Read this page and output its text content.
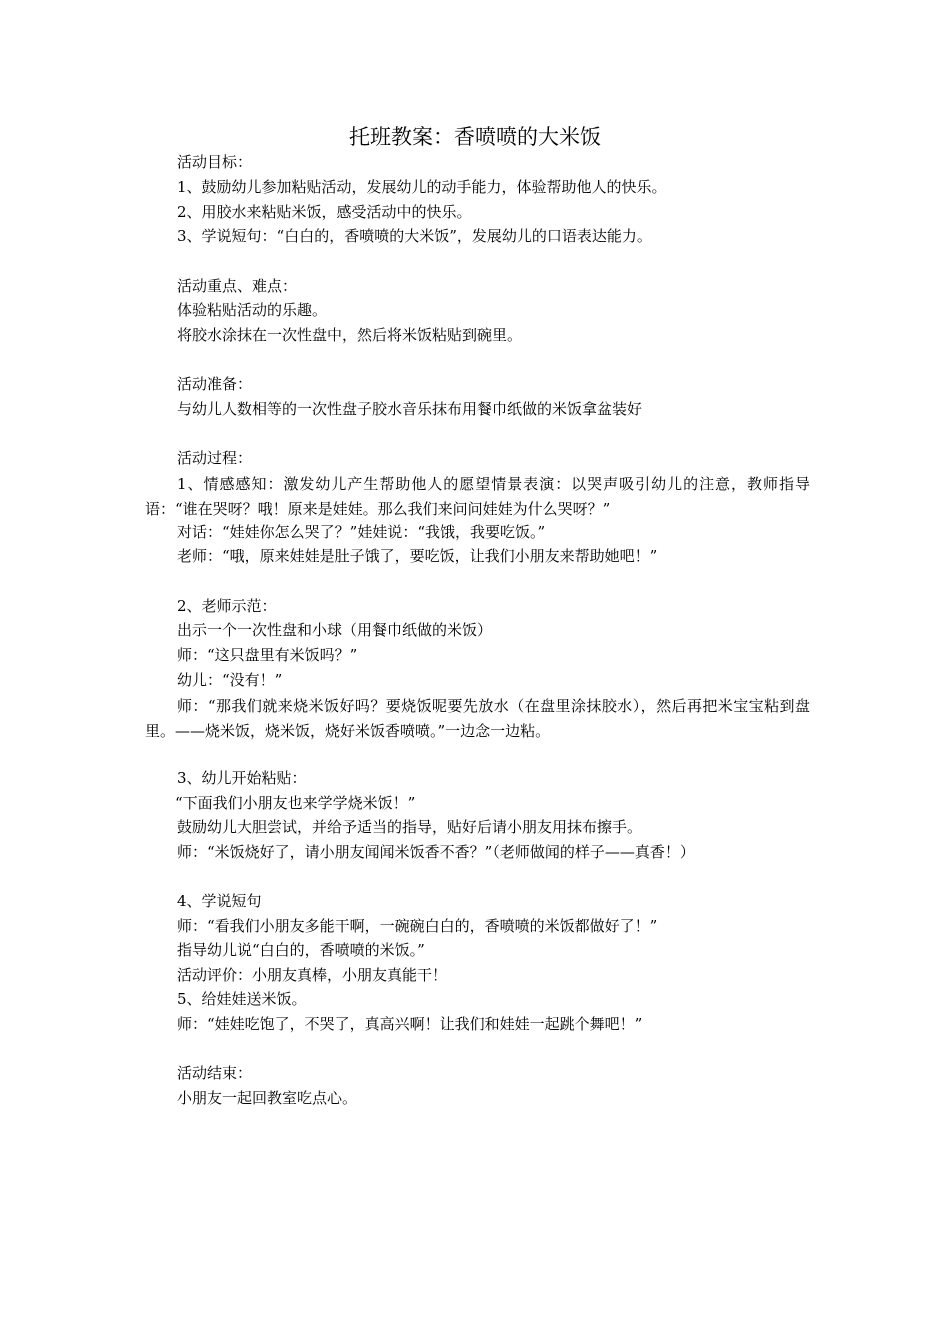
托班教案：香喷喷的大米饭
活动目标：
1、鼓励幼儿参加粘贴活动，发展幼儿的动手能力，体验帮助他人的快乐。
2、用胶水来粘贴米饭，感受活动中的快乐。
3、学说短句：“白白的，香喷喷的大米饭”，发展幼儿的口语表达能力。
活动重点、难点：
体验粘贴活动的乐趣。
将胶水涂抹在一次性盘中，然后将米饭粘贴到碗里。
活动准备：
与幼儿人数相等的一次性盘子胶水音乐抹布用餐巾纸做的米饭拿盆装好
活动过程：
1、情感感知：激发幼儿产生帮助他人的愿望情景表演：以哭声吸引幼儿的注意，教师指导语：“谁在哭呀？哦！原来是娃娃。那么我们来问问娃娃为什么哭呀？”
对话：“娃娃你怎么哭了？”娃娃说：“我饿，我要吃饭。”
老师：“哦，原来娃娃是肚子饿了，要吃饭，让我们小朋友来帮助她吧！”
2、老师示范：
出示一个一次性盘和小球（用餐巾纸做的米饭）
师：“这只盘里有米饭吗？”
幼儿：“没有！”
师：“那我们就来烧米饭好吗？要烧饭呢要先放水（在盘里涂抹胶水），然后再把米宝宝粘到盘里。——烧米饭，烧米饭，烧好米饭香喷喷。”一边念一边粘。
3、幼儿开始粘贴：
“下面我们小朋友也来学学烧米饭！”
鼓励幼儿大胆尝试，并给予适当的指导，贴好后请小朋友用抹布擦手。
师：“米饭烧好了，请小朋友闻闻米饭香不香？”（老师做闻的样子——真香！）
4、学说短句
师：“看我们小朋友多能干啊，一碗碗白白的，香喷喷的米饭都做好了！”
指导幼儿说“白白的，香喷喷的米饭。”
活动评价：小朋友真棒，小朋友真能干！
5、给娃娃送米饭。
师：“娃娃吃饱了，不哭了，真高兴啊！让我们和娃娃一起跳个舞吧！”
活动结束：
小朋友一起回教室吃点心。
